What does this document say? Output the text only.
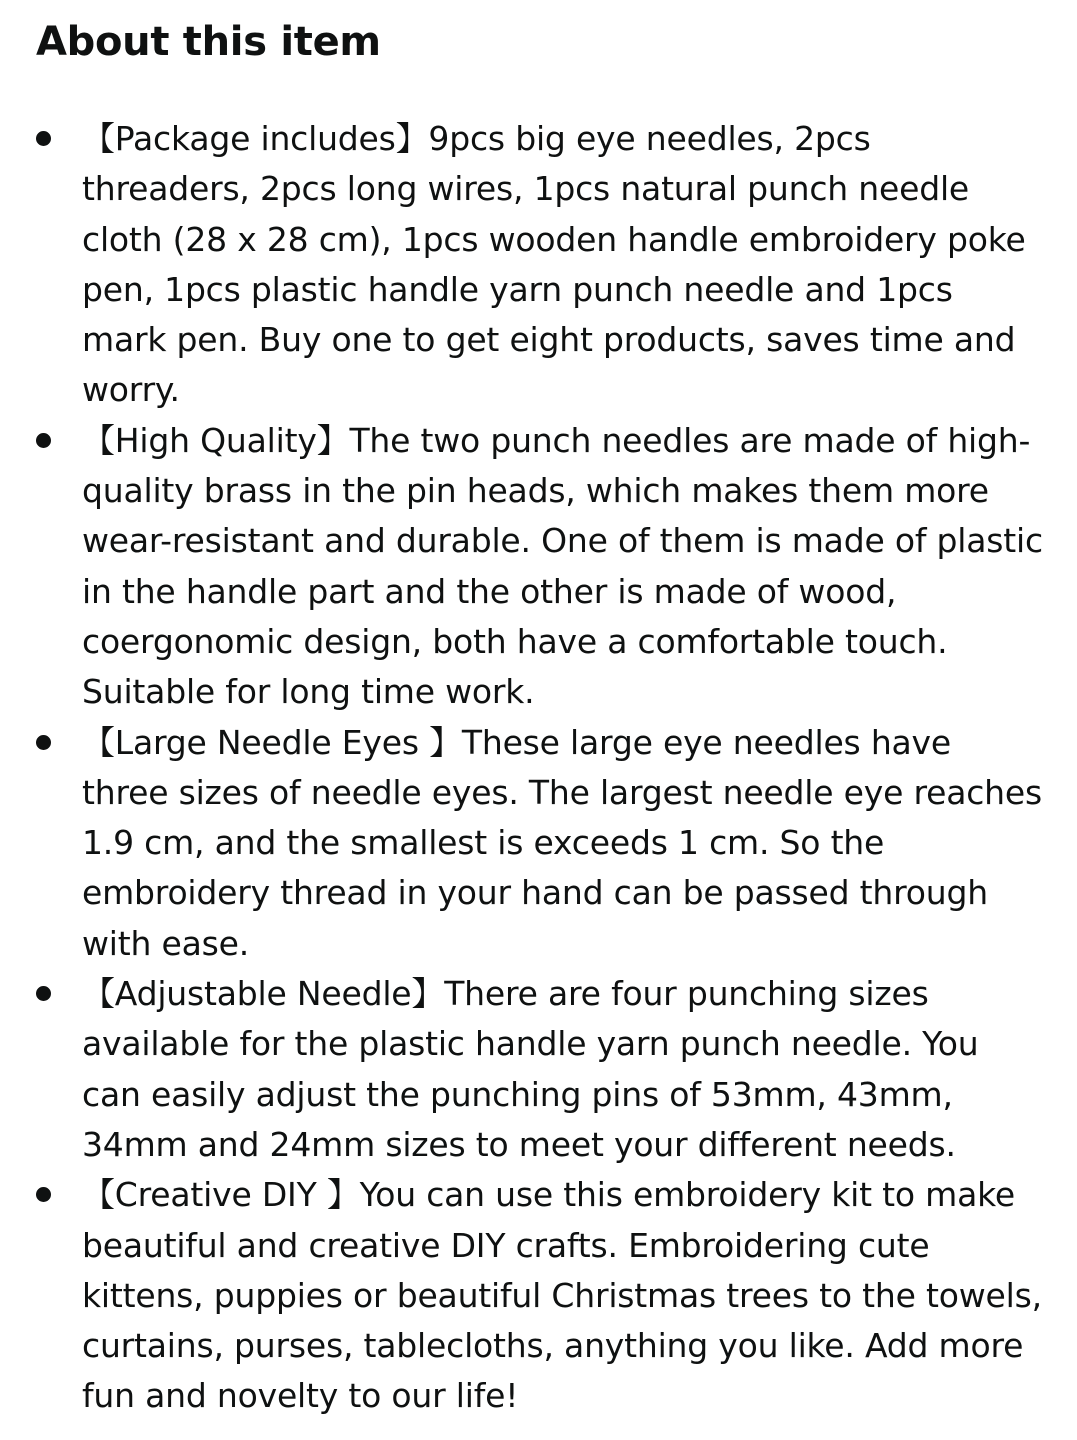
About this item
【Package includes】9pcs big eye needles, 2pcs threaders, 2pcs long wires, 1pcs natural punch needle cloth (28 x 28 cm), 1pcs wooden handle embroidery poke pen, 1pcs plastic handle yarn punch needle and 1pcs mark pen. Buy one to get eight products, saves time and worry.
【High Quality】The two punch needles are made of high-quality brass in the pin heads, which makes them more wear-resistant and durable. One of them is made of plastic in the handle part and the other is made of wood, coergonomic design, both have a comfortable touch. Suitable for long time work.
【Large Needle Eyes 】These large eye needles have three sizes of needle eyes. The largest needle eye reaches 1.9 cm, and the smallest is exceeds 1 cm. So the embroidery thread in your hand can be passed through with ease.
【Adjustable Needle】There are four punching sizes available for the plastic handle yarn punch needle. You can easily adjust the punching pins of 53mm, 43mm, 34mm and 24mm sizes to meet your different needs.
【Creative DIY 】You can use this embroidery kit to make beautiful and creative DIY crafts. Embroidering cute kittens, puppies or beautiful Christmas trees to the towels, curtains, purses, tablecloths, anything you like. Add more fun and novelty to our life!
